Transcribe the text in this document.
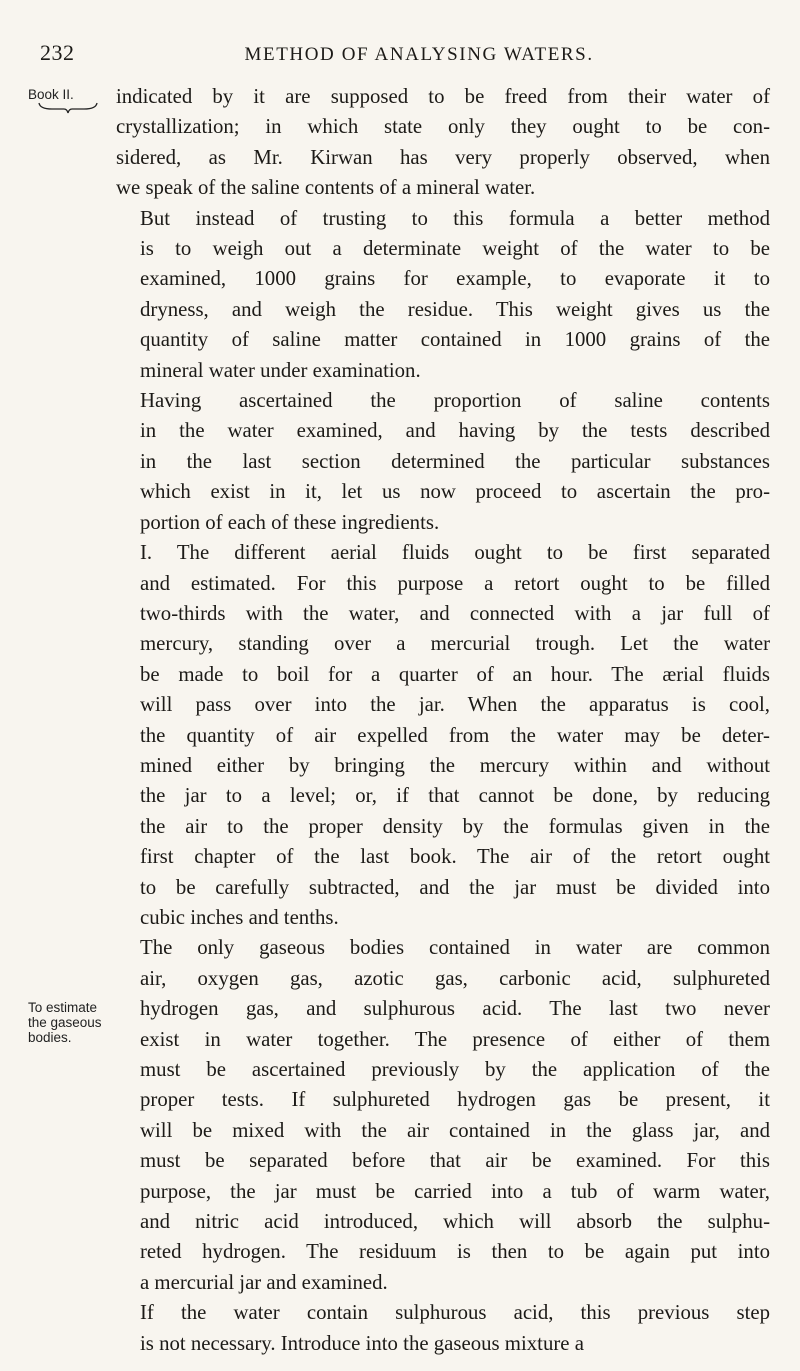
232	METHOD OF ANALYSING WATERS.
Book II.
To estimate
the gaseous
bodies.

indicated by it are supposed to be freed from their water of
crystallization; in which state only they ought to be con-
sidered, as Mr. Kirwan has very properly observed, when
we speak of the saline contents of a mineral water.

But instead of trusting to this formula a better method
is to weigh out a determinate weight of the water to be
examined, 1000 grains for example, to evaporate it to
dryness, and weigh the residue. This weight gives us the
quantity of saline matter contained in 1000 grains of the
mineral water under examination.

Having ascertained the proportion of saline contents
in the water examined, and having by the tests described
in the last section determined the particular substances
which exist in it, let us now proceed to ascertain the pro-
portion of each of these ingredients.

I. The different aerial fluids ought to be first separated
and estimated. For this purpose a retort ought to be filled
two-thirds with the water, and connected with a jar full of
mercury, standing over a mercurial trough. Let the water
be made to boil for a quarter of an hour. The ærial fluids
will pass over into the jar. When the apparatus is cool,
the quantity of air expelled from the water may be deter-
mined either by bringing the mercury within and without
the jar to a level; or, if that cannot be done, by reducing
the air to the proper density by the formulas given in the
first chapter of the last book. The air of the retort ought
to be carefully subtracted, and the jar must be divided into
cubic inches and tenths.

The only gaseous bodies contained in water are common
air, oxygen gas, azotic gas, carbonic acid, sulphureted
hydrogen gas, and sulphurous acid. The last two never
exist in water together. The presence of either of them
must be ascertained previously by the application of the
proper tests. If sulphureted hydrogen gas be present, it
will be mixed with the air contained in the glass jar, and
must be separated before that air be examined. For this
purpose, the jar must be carried into a tub of warm water,
and nitric acid introduced, which will absorb the sulphu-
reted hydrogen. The residuum is then to be again put into
a mercurial jar and examined.

If the water contain sulphurous acid, this previous step
is not necessary. Introduce into the gaseous mixture a
